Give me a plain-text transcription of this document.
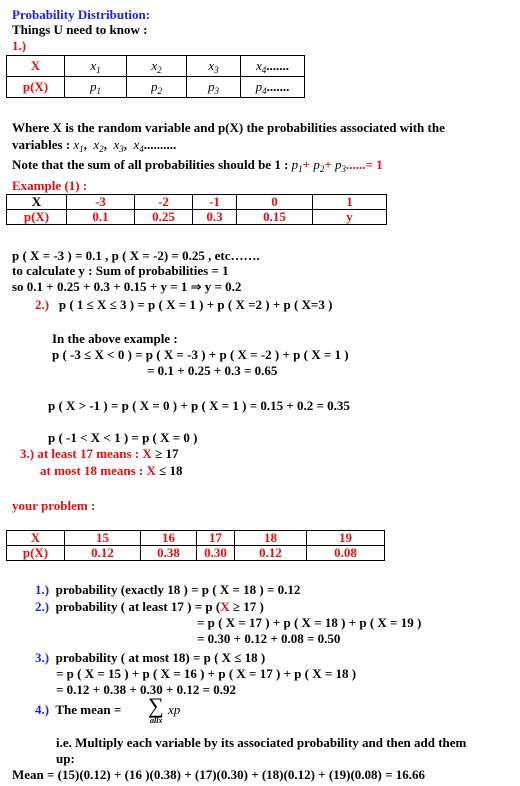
Probability Distribution:
Things U need to know :
1.)
X	$x_1$	$x_2$	$x_3$	$x_4$.......
p(X)	$p_1$	$p_2$	$p_3$	$p_4$.......
Where X is the random variable and p(X) the probabilities associated with the
variables : $x_1$,  $x_2$,  $x_3$,  $x_4$..........
Note that the sum of all probabilities should be 1 : $p_1+ p_2+ p_3......= 1$
Example (1) :
X	-3	-2	-1	0	1
p(X)	0.1	0.25	0.3	0.15	y
p ( X = -3 ) = 0.1 , p ( X = -2) = 0.25 , etc…….
to calculate y : Sum of probabilities = 1
so 0.1 + 0.25 + 0.3 + 0.15 + y = 1 ⇒ y = 0.2
2.) p ( 1 ≤ X ≤ 3 ) = p ( X = 1 ) + p ( X =2 ) + p ( X=3 )
In the above example :
p ( -3 ≤ X < 0 ) = p ( X = -3 ) + p ( X = -2 ) + p ( X = 1 )
= 0.1 + 0.25 + 0.3 = 0.65
p ( X > -1 ) = p ( X = 0 ) + p ( X = 1 ) = 0.15 + 0.2 = 0.35
p ( -1 < X < 1 ) = p ( X = 0 )
3.) at least 17 means : X ≥ 17
at most 18 means : X ≤ 18
your problem :
X	15	16	17	18	19
p(X)	0.12	0.38	0.30	0.12	0.08
1.) probability (exactly 18 ) = p ( X = 18 ) = 0.12
2.) probability ( at least 17 ) = p (X ≥ 17 )
= p ( X = 17 ) + p ( X = 18 ) + p ( X = 19 )
= 0.30 + 0.12 + 0.08 = 0.50
3.) probability ( at most 18) = p ( X ≤ 18 )
= p ( X = 15 ) + p ( X = 16 ) + p ( X = 17 ) + p ( X = 18 )
= 0.12 + 0.38 + 0.30 + 0.12 = 0.92
4.) The mean = ∑
allx
xp
i.e. Multiply each variable by its associated probability and then add them
up:
Mean = (15)(0.12) + (16 )(0.38) + (17)(0.30) + (18)(0.12) + (19)(0.08) = 16.66
